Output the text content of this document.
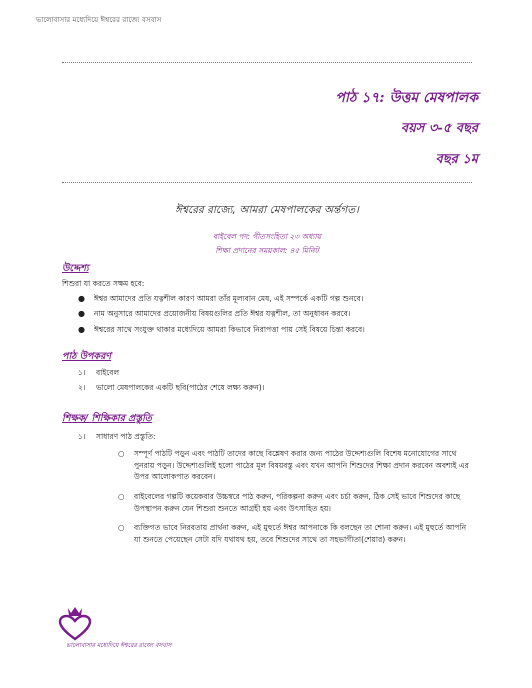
ভালোবাসার মধ্যেদিয়ে ঈশ্বরের রাজ্যে বসবাস
পাঠ ১৭: উত্তম মেষপালক
বয়স ৩-৫ বছর
বছর ১ম
ঈশ্বরের রাজ্যে, আমরা মেষপালকের অর্ন্তগত।
বাইবেল পদ: গীতসংহিতা ২৩ অধ্যায়
শিক্ষা প্রদানের সময়কাল: ৪৫ মিনিট
উদ্দেশ্য
শিশুরা যা করতে সক্ষম হবে:
● ঈশ্বর আমাদের প্রতি যত্নশীল কারণ আমরা তাঁর মূল্যবান মেষ, এই সম্পর্কে একটি গল্প শুনবে।
● নাম অনুসারে আমাদের প্রয়োজনীয় বিষয়গুলির প্রতি ঈশ্বর যত্নশীল, তা অনুধাবন করবে।
● ঈশ্বরের সাথে সংযুক্ত থাকার মধ্যেদিয়ে আমরা কিভাবে নিরাপত্তা পায় সেই বিষয়ে চিন্তা করবে।
পাঠ উপকরণ
১। বাইবেল
২। ভালো মেষপালকের একটি ছবি(পাঠের শেষে লক্ষ্য করুন)।
শিক্ষক/ শিক্ষিকার প্রস্তুতি
১। সাধারণ পাঠ প্রস্তুতি:
○ সম্পূর্ণ পাঠটি পড়ুন এবং পাঠটি তাদের কাছে বিশ্লেষণ করার জন্য পাঠের উদ্দেশ্যগুলি বিশেষ মনোযোগের সাথে পুনরায় পড়ুন। উদ্দেশ্যগুলিই হলো পাঠের মূল বিষয়বস্তু এবং যখন আপনি শিশুদের শিক্ষা প্রদান করবেন অবশ্যই এর উপর আলোকপাত করবেন।
○ বাইবেলের গল্পটি কয়েকবার উচ্চস্বরে পাঠ করুন, পরিকল্পনা করুন এবং চর্চা করুন, ঠিক সেই ভাবে শিশুদের কাছে উপস্থাপন করুন যেন শিশুরা শুনতে আগ্রহী হয় এবং উৎসাহিত হয়।
○ ব্যক্তিগত ভাবে নিরবতায় প্রার্থনা করুন, এই মুহুর্তে ঈশ্বর আপনাকে কি বলছেন তা শোনা করুন। এই মুহুর্তে আপনি যা শুনতে পেয়েছেন সেটা যদি যথাযথ হয়, তবে শিশুদের সাথে তা সহভাগীতা(শেয়ার) করুন।
ভালোবাসার মধ্যেদিয়ে ঈশ্বরের রাজ্যে বসবাস
